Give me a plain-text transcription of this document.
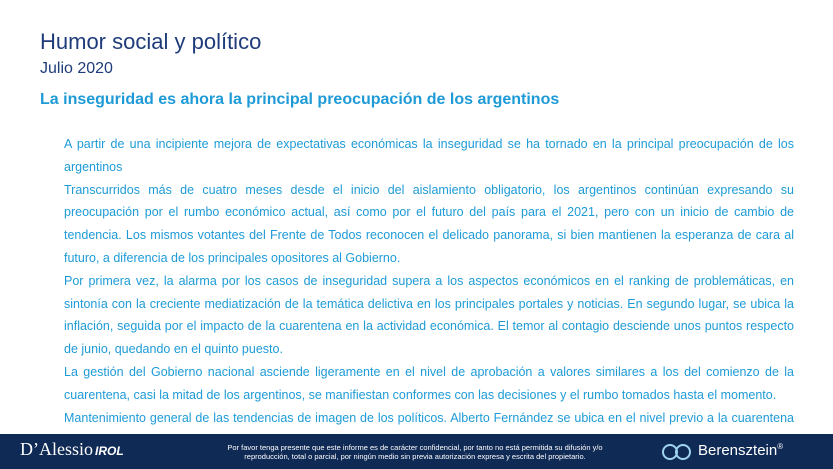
Humor social y político
Julio 2020
La inseguridad es ahora la principal preocupación de los argentinos
A partir de una incipiente mejora de expectativas económicas la inseguridad se ha tornado en la principal preocupación de los argentinos
Transcurridos más de cuatro meses desde el inicio del aislamiento obligatorio, los argentinos continúan expresando su preocupación por el rumbo económico actual, así como por el futuro del país para el 2021, pero con un inicio de cambio de tendencia. Los mismos votantes del Frente de Todos reconocen el delicado panorama, si bien mantienen la esperanza de cara al futuro, a diferencia de los principales opositores al Gobierno.
Por primera vez, la alarma por los casos de inseguridad supera a los aspectos económicos en el ranking de problemáticas, en sintonía con la creciente mediatización de la temática delictiva en los principales portales y noticias. En segundo lugar, se ubica la inflación, seguida por el impacto de la cuarentena en la actividad económica. El temor al contagio desciende unos puntos respecto de junio, quedando en el quinto puesto.
La gestión del Gobierno nacional asciende ligeramente en el nivel de aprobación a valores similares a los del comienzo de la cuarentena, casi la mitad de los argentinos, se manifiestan conformes con las decisiones y el rumbo tomados hasta el momento.
Mantenimiento general de las tendencias de imagen de los políticos. Alberto Fernández se ubica en el nivel previo a la cuarentena
D’Alessio IROL	Por favor tenga presente que este informe es de carácter confidencial, por tanto no está permitida su difusión y/o
reproducción, total o parcial, por ningún medio sin previa autorización expresa y escrita del propietario.	Berensztein®
